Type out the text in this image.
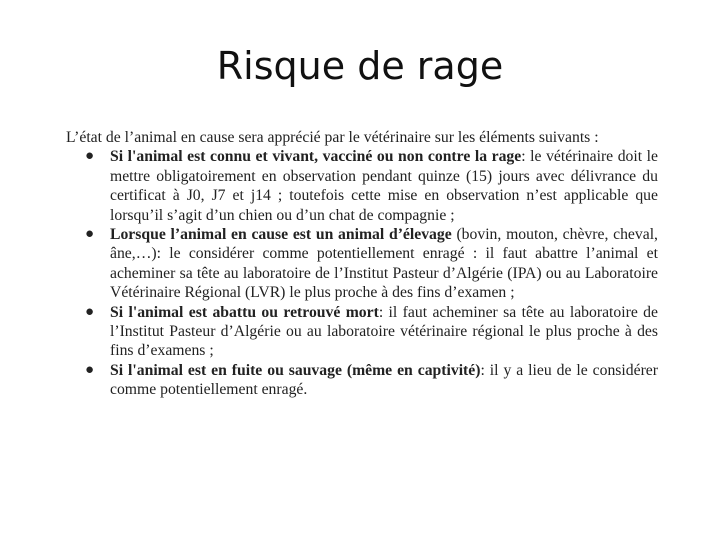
Risque de rage

L’état de l’animal en cause sera apprécié par le vétérinaire sur les éléments suivants :

● Si l'animal est connu et vivant, vacciné ou non contre la rage: le vétérinaire doit le mettre obligatoirement en observation pendant quinze (15) jours avec délivrance du certificat à J0, J7 et j14 ; toutefois cette mise en observation n’est applicable que lorsqu’il s’agit d’un chien ou d’un chat de compagnie ;
● Lorsque l’animal en cause est un animal d’élevage (bovin, mouton, chèvre, cheval, âne,…): le considérer comme potentiellement enragé : il faut abattre l’animal et acheminer sa tête au laboratoire de l’Institut Pasteur d’Algérie (IPA) ou au Laboratoire Vétérinaire Régional (LVR) le plus proche à des fins d’examen ;
● Si l'animal est abattu ou retrouvé mort: il faut acheminer sa tête au laboratoire de l’Institut Pasteur d’Algérie ou au laboratoire vétérinaire régional le plus proche à des fins d’examens ;
● Si l'animal est en fuite ou sauvage (même en captivité): il y a lieu de le considérer comme potentiellement enragé.
